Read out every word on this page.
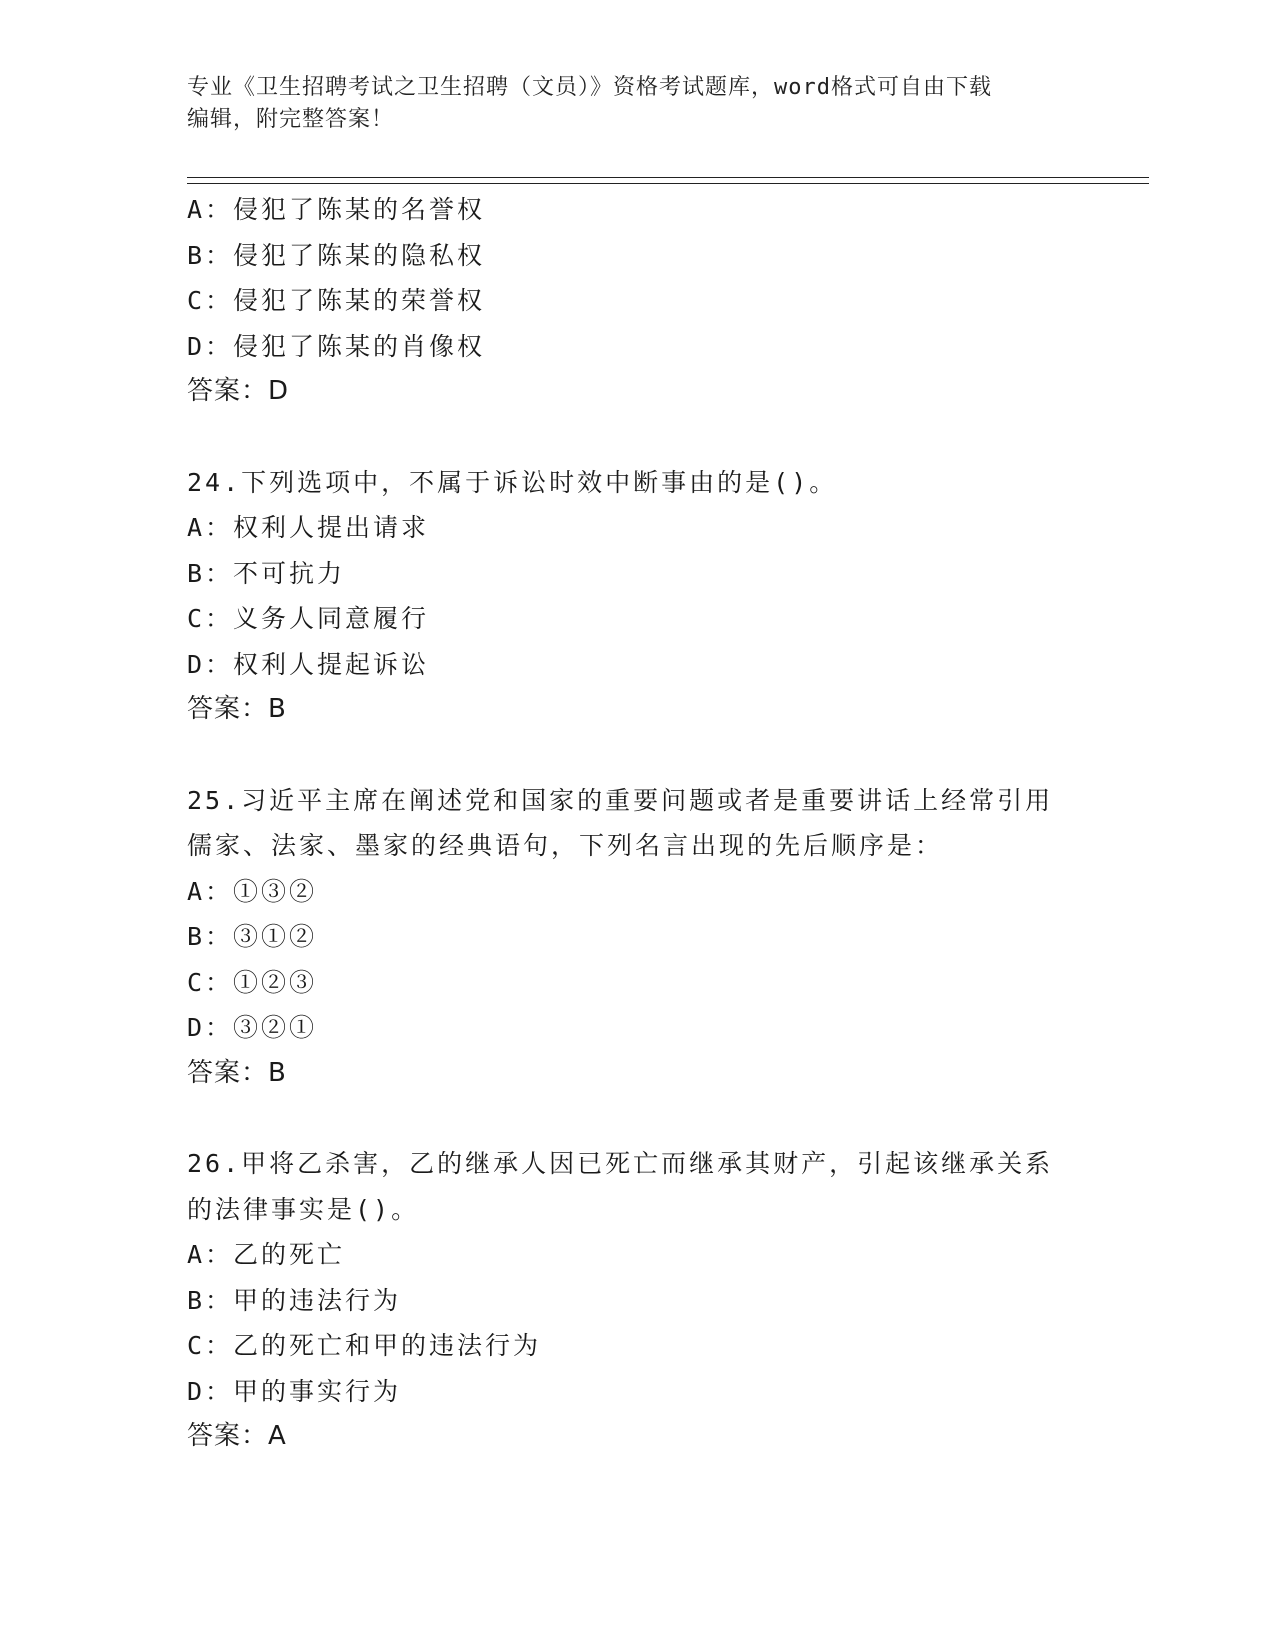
专业《卫生招聘考试之卫生招聘（文员）》资格考试题库，word格式可自由下载
编辑，附完整答案！
A：侵犯了陈某的名誉权
B：侵犯了陈某的隐私权
C：侵犯了陈某的荣誉权
D：侵犯了陈某的肖像权
答案：D
24.下列选项中，不属于诉讼时效中断事由的是()。
A：权利人提出请求
B：不可抗力
C：义务人同意履行
D：权利人提起诉讼
答案：B
25.习近平主席在阐述党和国家的重要问题或者是重要讲话上经常引用
儒家、法家、墨家的经典语句，下列名言出现的先后顺序是：
A：①③②
B：③①②
C：①②③
D：③②①
答案：B
26.甲将乙杀害，乙的继承人因已死亡而继承其财产，引起该继承关系
的法律事实是()。
A：乙的死亡
B：甲的违法行为
C：乙的死亡和甲的违法行为
D：甲的事实行为
答案：A
